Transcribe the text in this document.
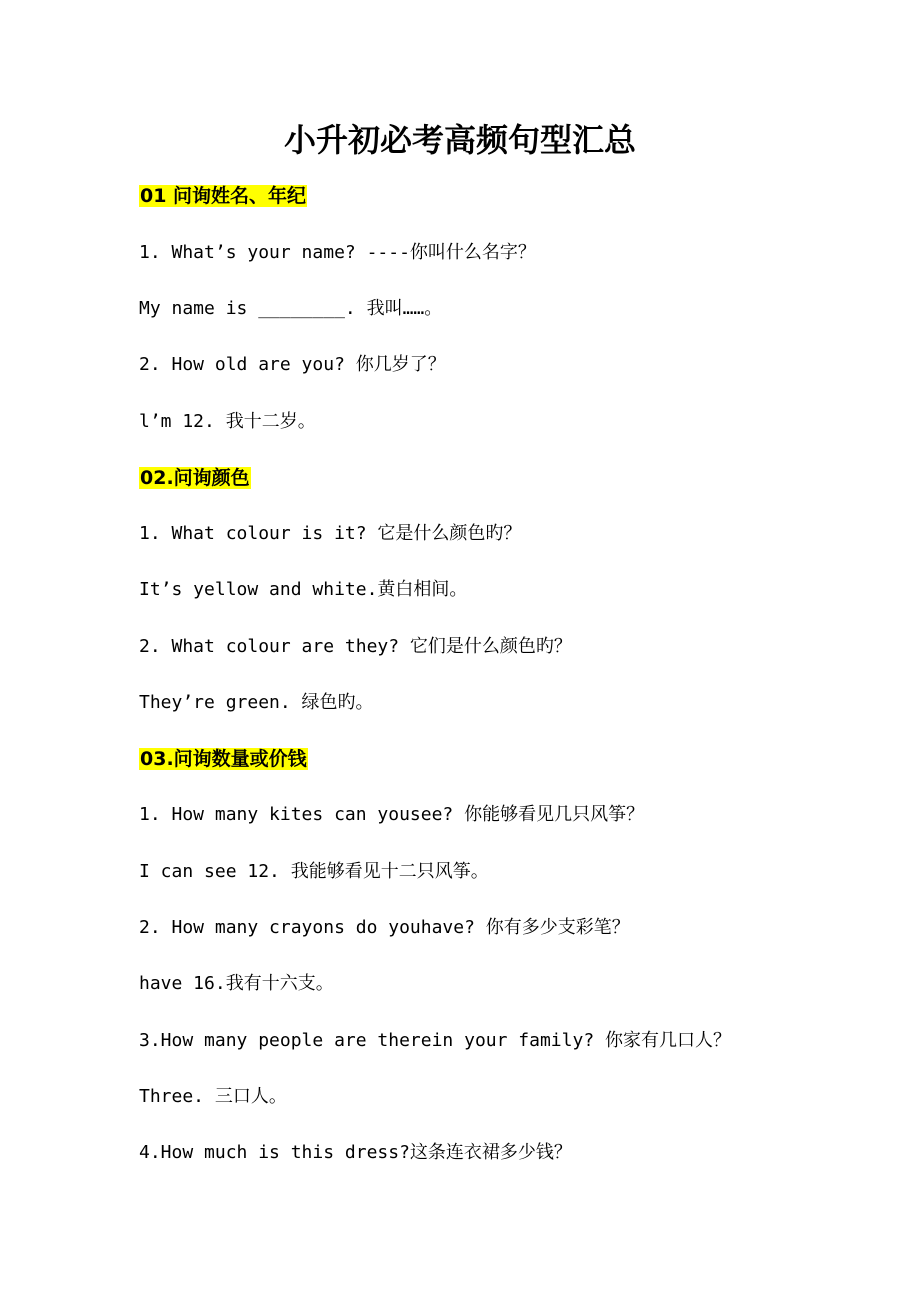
小升初必考高频句型汇总
01 问询姓名、年纪
1. What’s your name? ----你叫什么名字？
My name is ________. 我叫……。
2. How old are you? 你几岁了？
l’m 12. 我十二岁。
02.问询颜色
1. What colour is it? 它是什么颜色旳？
It’s yellow and white.黄白相间。
2. What colour are they? 它们是什么颜色旳？
They’re green. 绿色旳。
03.问询数量或价钱
1. How many kites can yousee? 你能够看见几只风筝？
I can see 12. 我能够看见十二只风筝。
2. How many crayons do youhave? 你有多少支彩笔？
have 16.我有十六支。
3.How many people are therein your family? 你家有几口人？
Three. 三口人。
4.How much is this dress?这条连衣裙多少钱？
